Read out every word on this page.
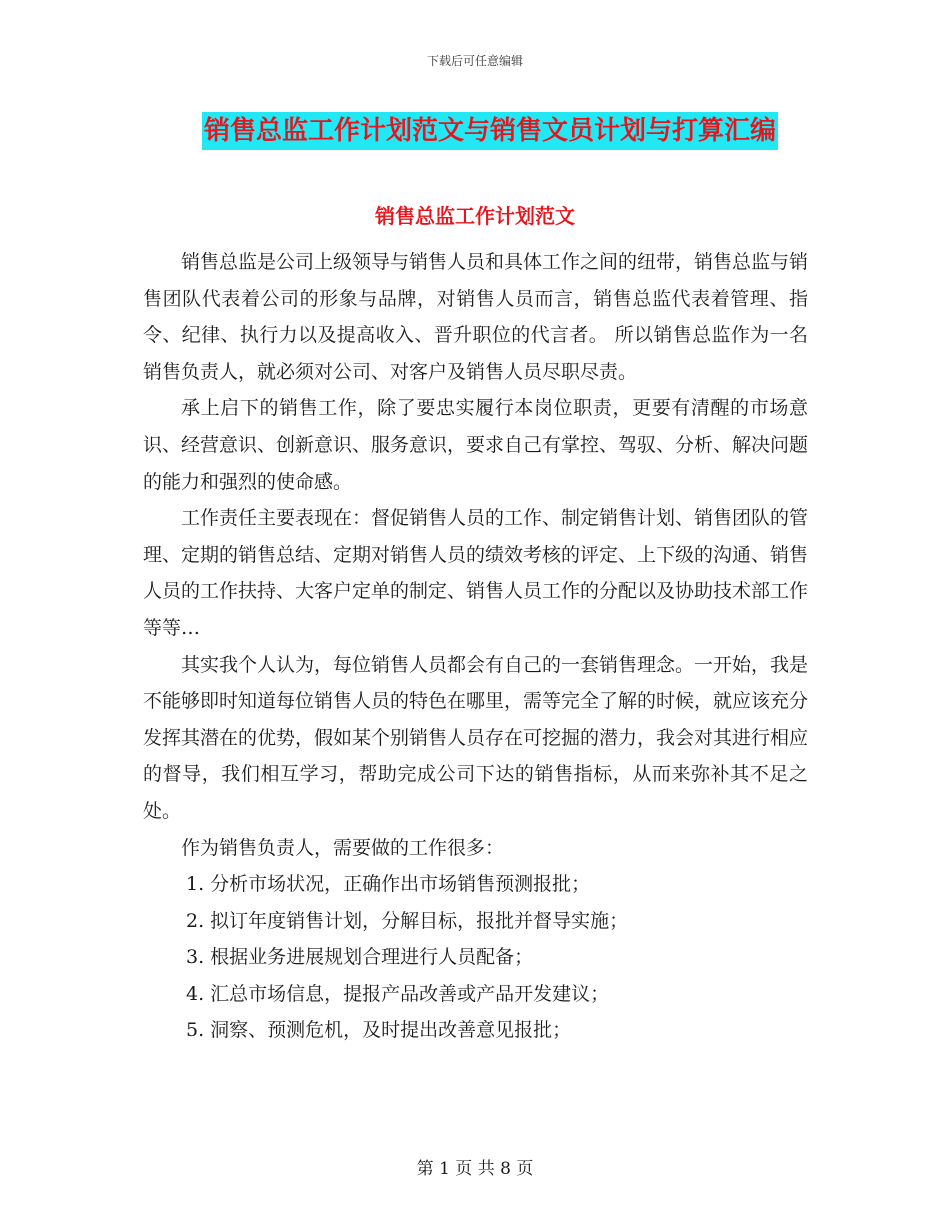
下载后可任意编辑
销售总监工作计划范文与销售文员计划与打算汇编
销售总监工作计划范文

销售总监是公司上级领导与销售人员和具体工作之间的纽带，销售总监与销售团队代表着公司的形象与品牌，对销售人员而言，销售总监代表着管理、指令、纪律、执行力以及提高收入、晋升职位的代言者。 所以销售总监作为一名销售负责人，就必须对公司、对客户及销售人员尽职尽责。

承上启下的销售工作，除了要忠实履行本岗位职责，更要有清醒的市场意识、经营意识、创新意识、服务意识，要求自己有掌控、驾驭、分析、解决问题的能力和强烈的使命感。

工作责任主要表现在：督促销售人员的工作、制定销售计划、销售团队的管理、定期的销售总结、定期对销售人员的绩效考核的评定、上下级的沟通、销售人员的工作扶持、大客户定单的制定、销售人员工作的分配以及协助技术部工作等等…

其实我个人认为，每位销售人员都会有自己的一套销售理念。一开始，我是不能够即时知道每位销售人员的特色在哪里，需等完全了解的时候，就应该充分发挥其潜在的优势，假如某个别销售人员存在可挖掘的潜力，我会对其进行相应的督导，我们相互学习，帮助完成公司下达的销售指标，从而来弥补其不足之处。

作为销售负责人，需要做的工作很多：

1. 分析市场状况，正确作出市场销售预测报批；

2. 拟订年度销售计划，分解目标，报批并督导实施；

3. 根据业务进展规划合理进行人员配备；

4. 汇总市场信息，提报产品改善或产品开发建议；

5. 洞察、预测危机，及时提出改善意见报批；

第 1 页 共 8 页
